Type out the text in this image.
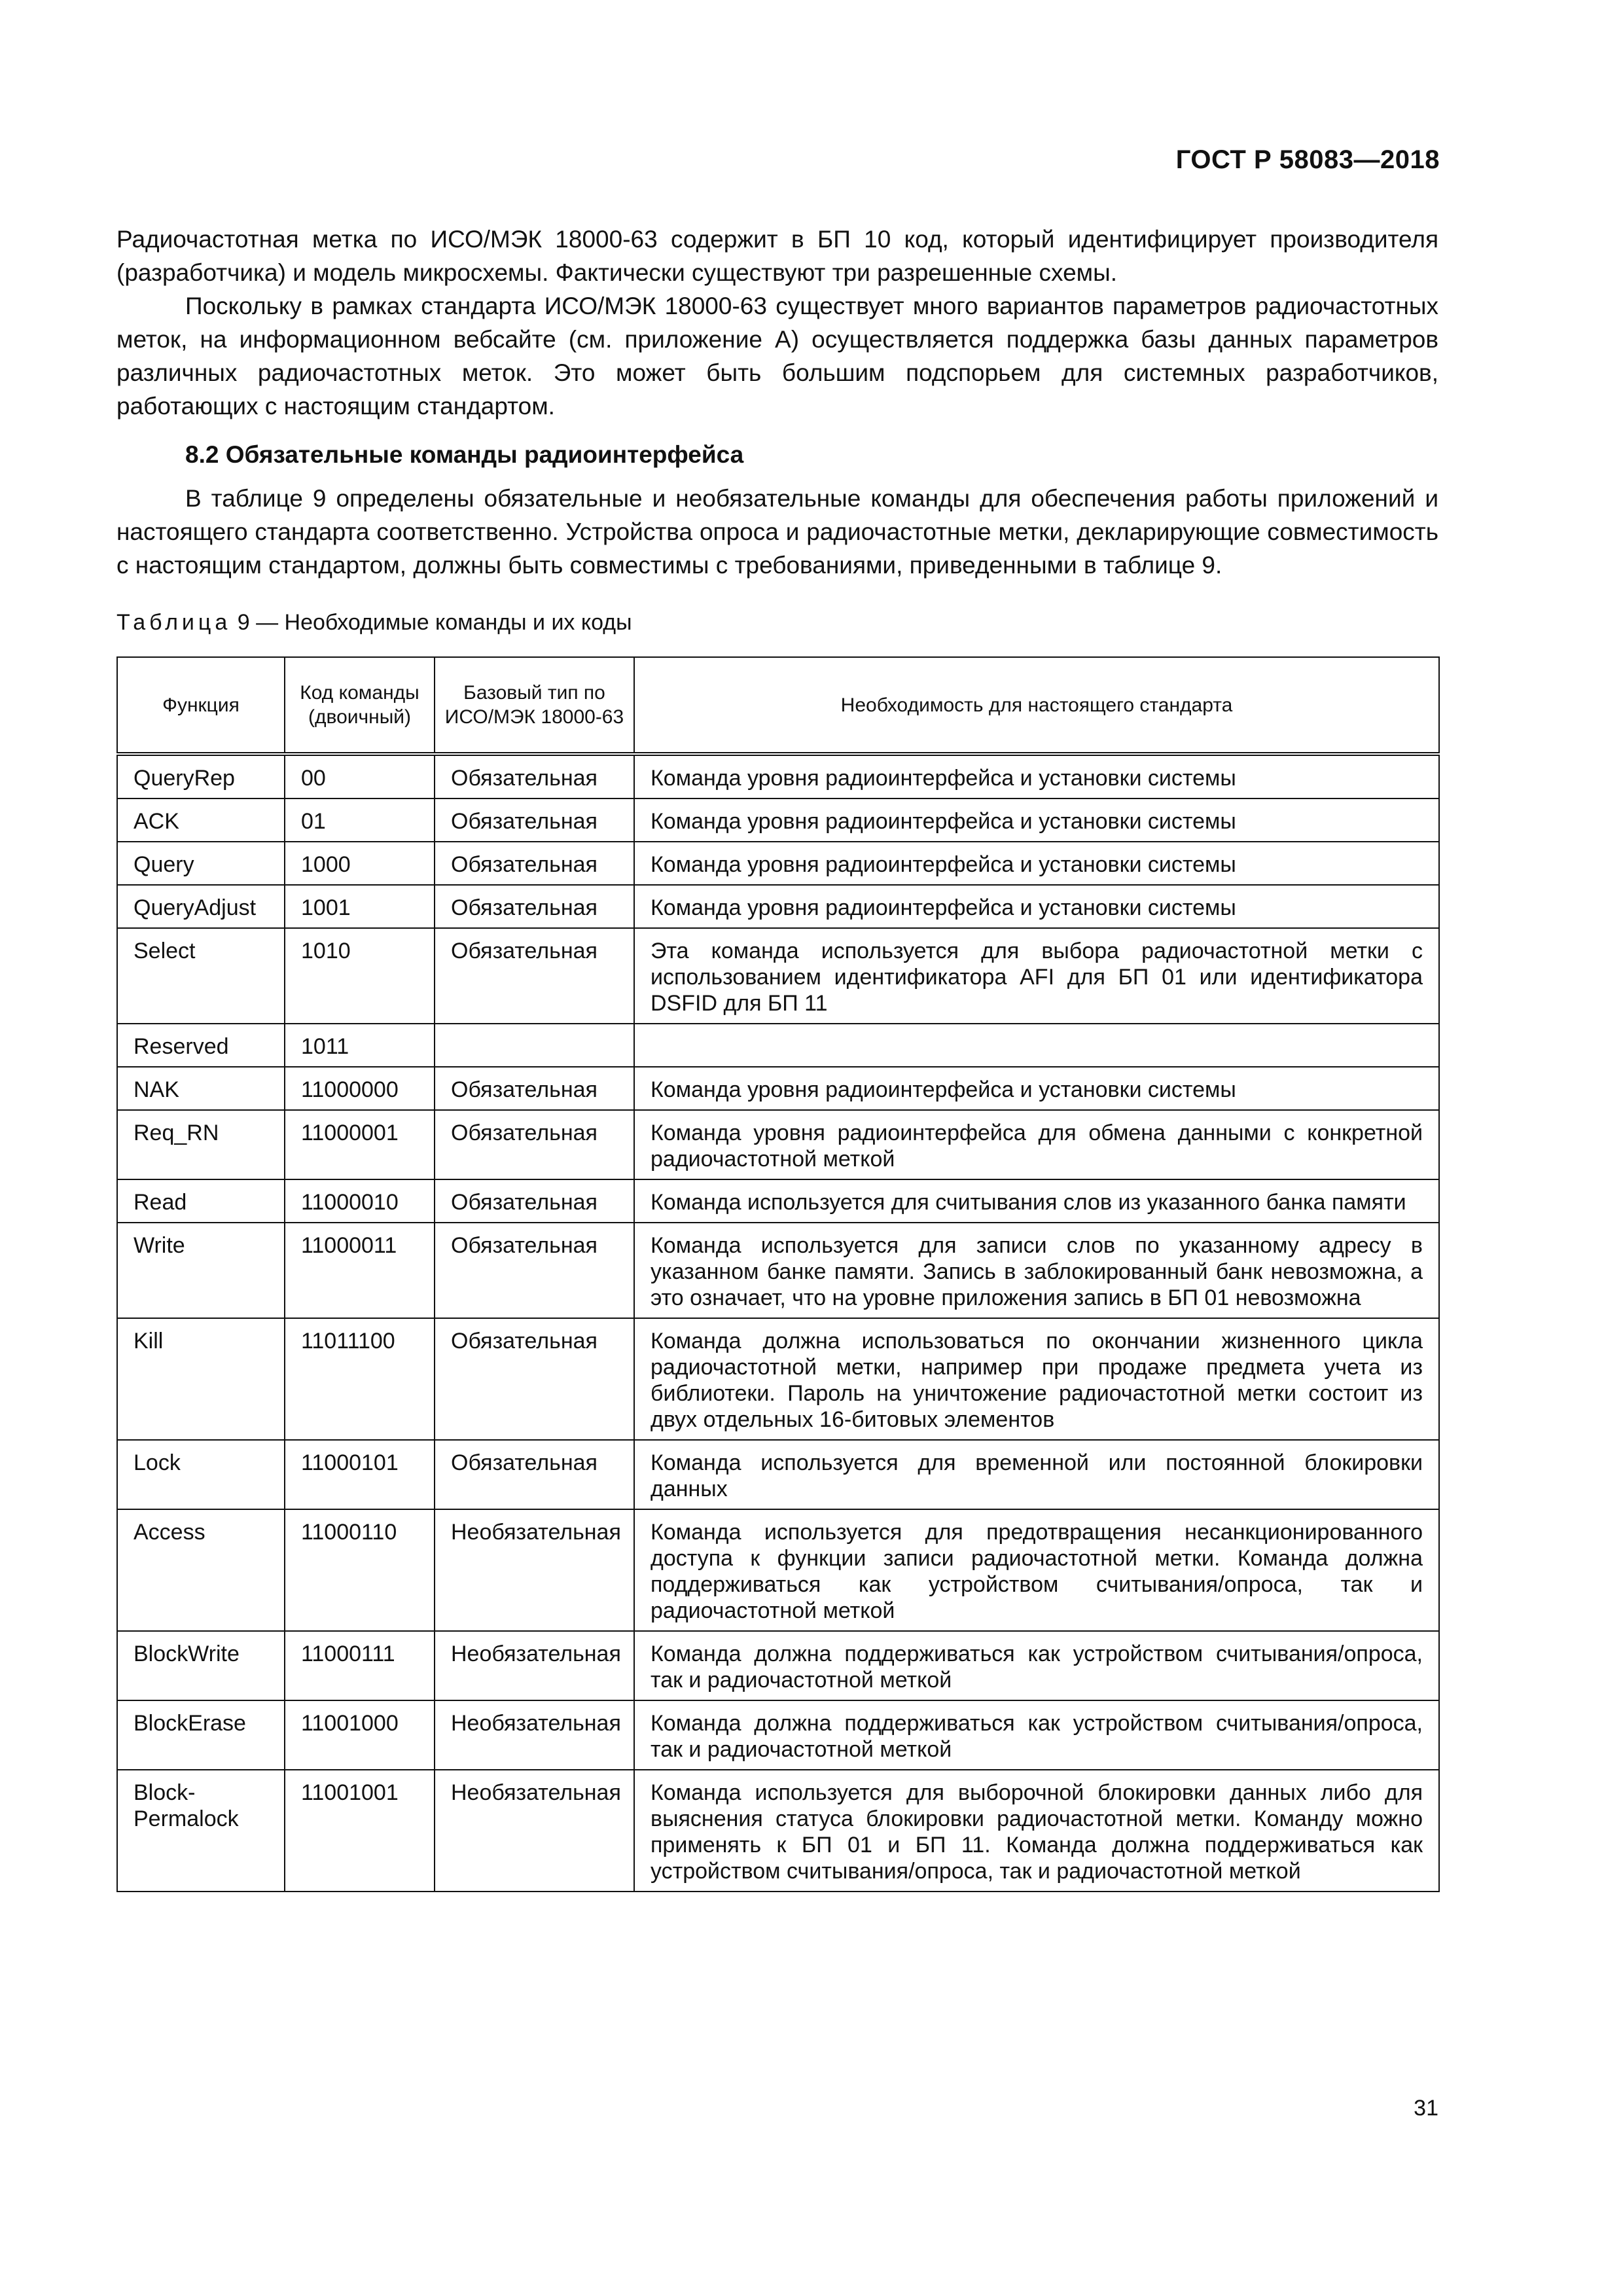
ГОСТ Р 58083—2018

Радиочастотная метка по ИСО/МЭК 18000-63 содержит в БП 10 код, который идентифицирует производителя (разработчика) и модель микросхемы. Фактически существуют три разрешенные схемы.

Поскольку в рамках стандарта ИСО/МЭК 18000-63 существует много вариантов параметров радиочастотных меток, на информационном вебсайте (см. приложение А) осуществляется поддержка базы данных параметров различных радиочастотных меток. Это может быть большим подспорьем для системных разработчиков, работающих с настоящим стандартом.

8.2 Обязательные команды радиоинтерфейса

В таблице 9 определены обязательные и необязательные команды для обеспечения работы приложений и настоящего стандарта соответственно. Устройства опроса и радиочастотные метки, декларирующие совместимость с настоящим стандартом, должны быть совместимы с требованиями, приведенными в таблице 9.

Таблица 9 — Необходимые команды и их коды
Функция	Код команды (двоичный)	Базовый тип по ИСО/МЭК 18000-63	Необходимость для настоящего стандарта
QueryRep	00	Обязательная	Команда уровня радиоинтерфейса и установки системы
ACK	01	Обязательная	Команда уровня радиоинтерфейса и установки системы
Query	1000	Обязательная	Команда уровня радиоинтерфейса и установки системы
QueryAdjust	1001	Обязательная	Команда уровня радиоинтерфейса и установки системы
Select	1010	Обязательная	Эта команда используется для выбора радиочастотной метки с использованием идентификатора AFI для БП 01 или идентификатора DSFID для БП 11
Reserved	1011		
NAK	11000000	Обязательная	Команда уровня радиоинтерфейса и установки системы
Req_RN	11000001	Обязательная	Команда уровня радиоинтерфейса для обмена данными с конкретной радиочастотной меткой
Read	11000010	Обязательная	Команда используется для считывания слов из указанного банка памяти
Write	11000011	Обязательная	Команда используется для записи слов по указанному адресу в указанном банке памяти. Запись в заблокированный банк невозможна, а это означает, что на уровне приложения запись в БП 01 невозможна
Kill	11011100	Обязательная	Команда должна использоваться по окончании жизненного цикла радиочастотной метки, например при продаже предмета учета из библиотеки. Пароль на уничтожение радиочастотной метки состоит из двух отдельных 16-битовых элементов
Lock	11000101	Обязательная	Команда используется для временной или постоянной блокировки данных
Access	11000110	Необязательная	Команда используется для предотвращения несанкционированного доступа к функции записи радиочастотной метки. Команда должна поддерживаться как устройством считывания/опроса, так и радиочастотной меткой
BlockWrite	11000111	Необязательная	Команда должна поддерживаться как устройством считывания/опроса, так и радиочастотной меткой
BlockErase	11001000	Необязательная	Команда должна поддерживаться как устройством считывания/опроса, так и радиочастотной меткой
Block-Permalock	11001001	Необязательная	Команда используется для выборочной блокировки данных либо для выяснения статуса блокировки радиочастотной метки. Команду можно применять к БП 01 и БП 11. Команда должна поддерживаться как устройством считывания/опроса, так и радиочастотной меткой
31
